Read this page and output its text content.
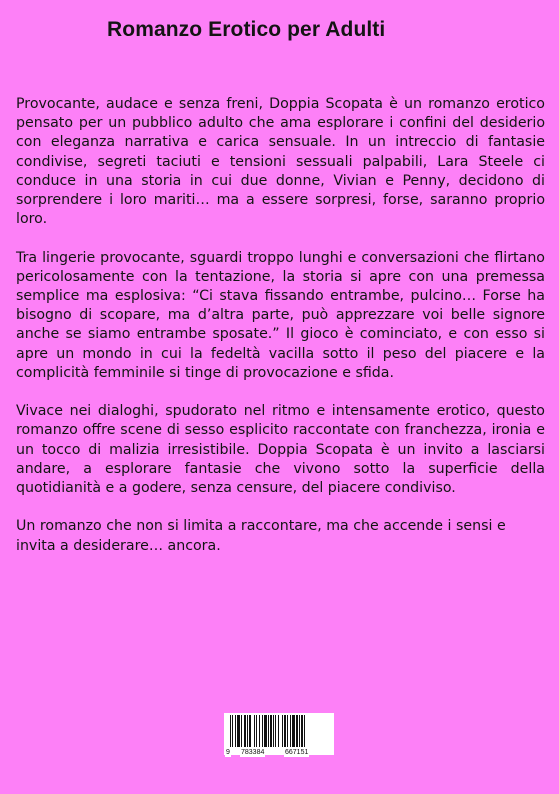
Romanzo Erotico per Adulti

Provocante, audace e senza freni, Doppia Scopata è un romanzo erotico pensato per un pubblico adulto che ama esplorare i confini del desiderio con eleganza narrativa e carica sensuale. In un intreccio di fantasie condivise, segreti taciuti e tensioni sessuali palpabili, Lara Steele ci conduce in una storia in cui due donne, Vivian e Penny, decidono di sorprendere i loro mariti… ma a essere sorpresi, forse, saranno proprio loro.

Tra lingerie provocante, sguardi troppo lunghi e conversazioni che flirtano pericolosamente con la tentazione, la storia si apre con una premessa semplice ma esplosiva: “Ci stava fissando entrambe, pulcino… Forse ha bisogno di scopare, ma d’altra parte, può apprezzare voi belle signore anche se siamo entrambe sposate.” Il gioco è cominciato, e con esso si apre un mondo in cui la fedeltà vacilla sotto il peso del piacere e la complicità femminile si tinge di provocazione e sfida.

Vivace nei dialoghi, spudorato nel ritmo e intensamente erotico, questo romanzo offre scene di sesso esplicito raccontate con franchezza, ironia e un tocco di malizia irresistibile. Doppia Scopata è un invito a lasciarsi andare, a esplorare fantasie che vivono sotto la superficie della quotidianità e a godere, senza censure, del piacere condiviso.

Un romanzo che non si limita a raccontare, ma che accende i sensi e invita a desiderare… ancora.

9 783384	667151
